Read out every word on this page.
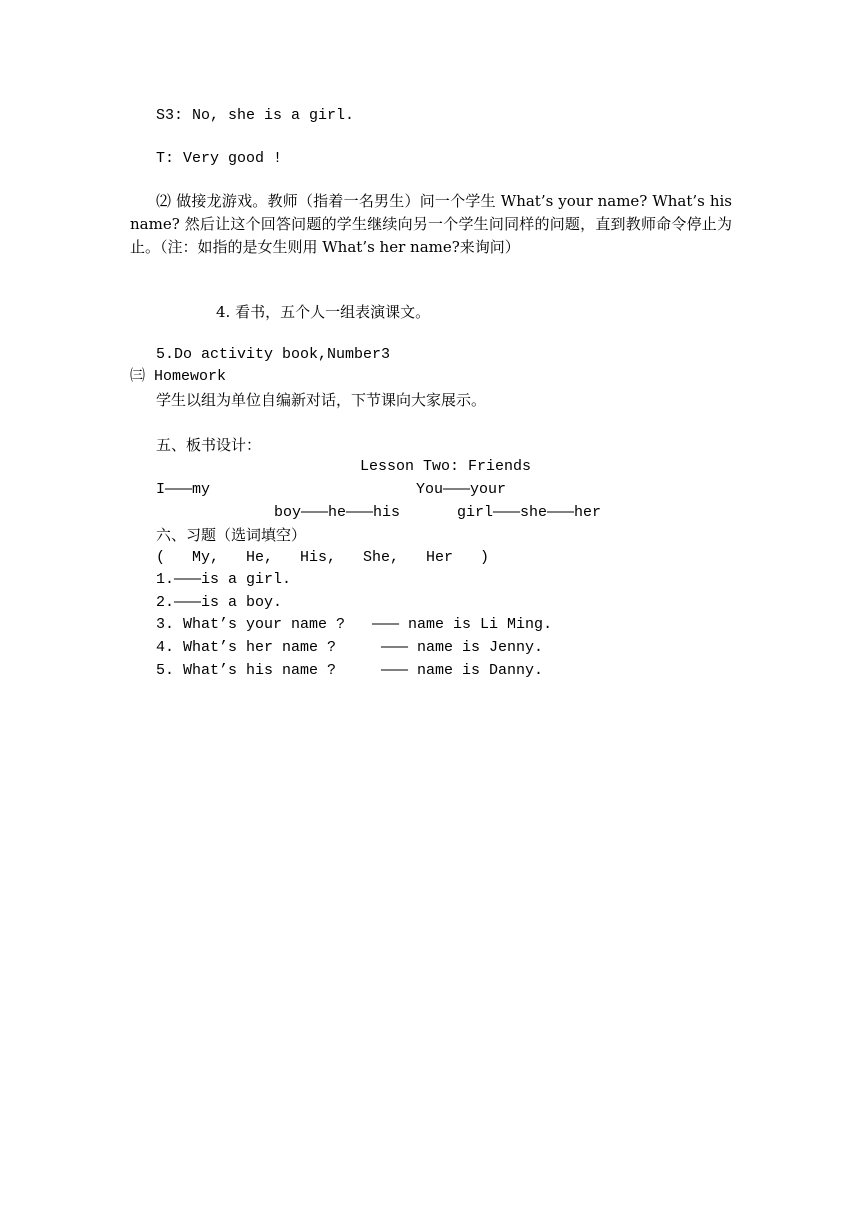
S3: No, she is a girl.
T: Very good !
⑵ 做接龙游戏。教师（指着一名男生）问一个学生 What’s your name? What’s his name? 然后让这个回答问题的学生继续向另一个学生问同样的问题，直到教师命令停止为止。（注：如指的是女生则用 What’s her name?来询问）
4. 看书，五个人一组表演课文。
5.Do activity book,Number3
㈢ Homework
学生以组为单位自编新对话，下节课向大家展示。
五、板书设计：
Lesson Two: Friends
I———my	You———your
boy———he———his	girl———she———her
六、习题（选词填空）
(   My,   He,   His,   She,   Her   )
1.———is a girl.
2.———is a boy.
3. What’s your name ?   ——— name is Li Ming.
4. What’s her name ?     ——— name is Jenny.
5. What’s his name ?     ——— name is Danny.
